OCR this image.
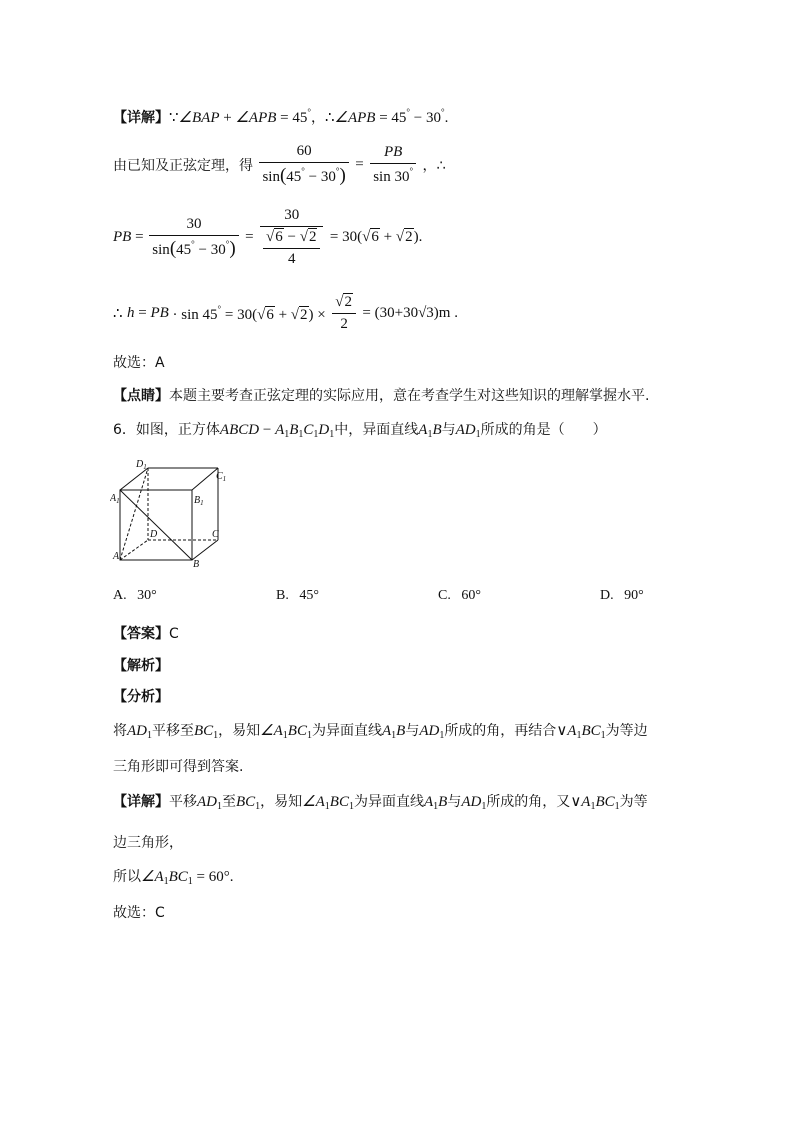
【详解】∵∠BAP + ∠APB = 45°，∴∠APB = 45° − 30°.
由已知及正弦定理，得 $\frac{60}{\sin(45^\circ - 30^\circ)} = \frac{PB}{\sin 30^\circ}$ ，∴
PB = $\frac{30}{\sin(45^\circ - 30^\circ)} = \frac{30}{\frac{√6 - √2}{4}} = 30(√6 + √2)$.
∴ h = PB · $\sin 45^\circ = 30(√6 + √2) \times \frac{√2}{2} = (30+30√3)m$ .
故选：A
【点睛】本题主要考查正弦定理的实际应用，意在考查学生对这些知识的理解掌握水平.
6．如图，正方体ABCD − $A_1B_1C_1D_1$中，异面直线$A_1B$与$AD_1$所成的角是（　　）
$D_1$
$C_1$
$A_1$	$B_1$
C
D
A
B
A. 30°	B. 45°	C. 60°	D. 90°
【答案】C
【解析】
【分析】
将$AD_1$平移至$BC_1$，易知$\angle A_1BC_1$为异面直线$A_1B$与$AD_1$所成的角，再结合$\vee A_1BC_1$为等边
三角形即可得到答案.
【详解】平移$AD_1$至$BC_1$，易知$\angle A_1BC_1$为异面直线$A_1B$与$AD_1$所成的角，又$\vee A_1BC_1$为等
边三角形，
所以$\angle A_1BC_1 = 60^\circ$.
故选：C
